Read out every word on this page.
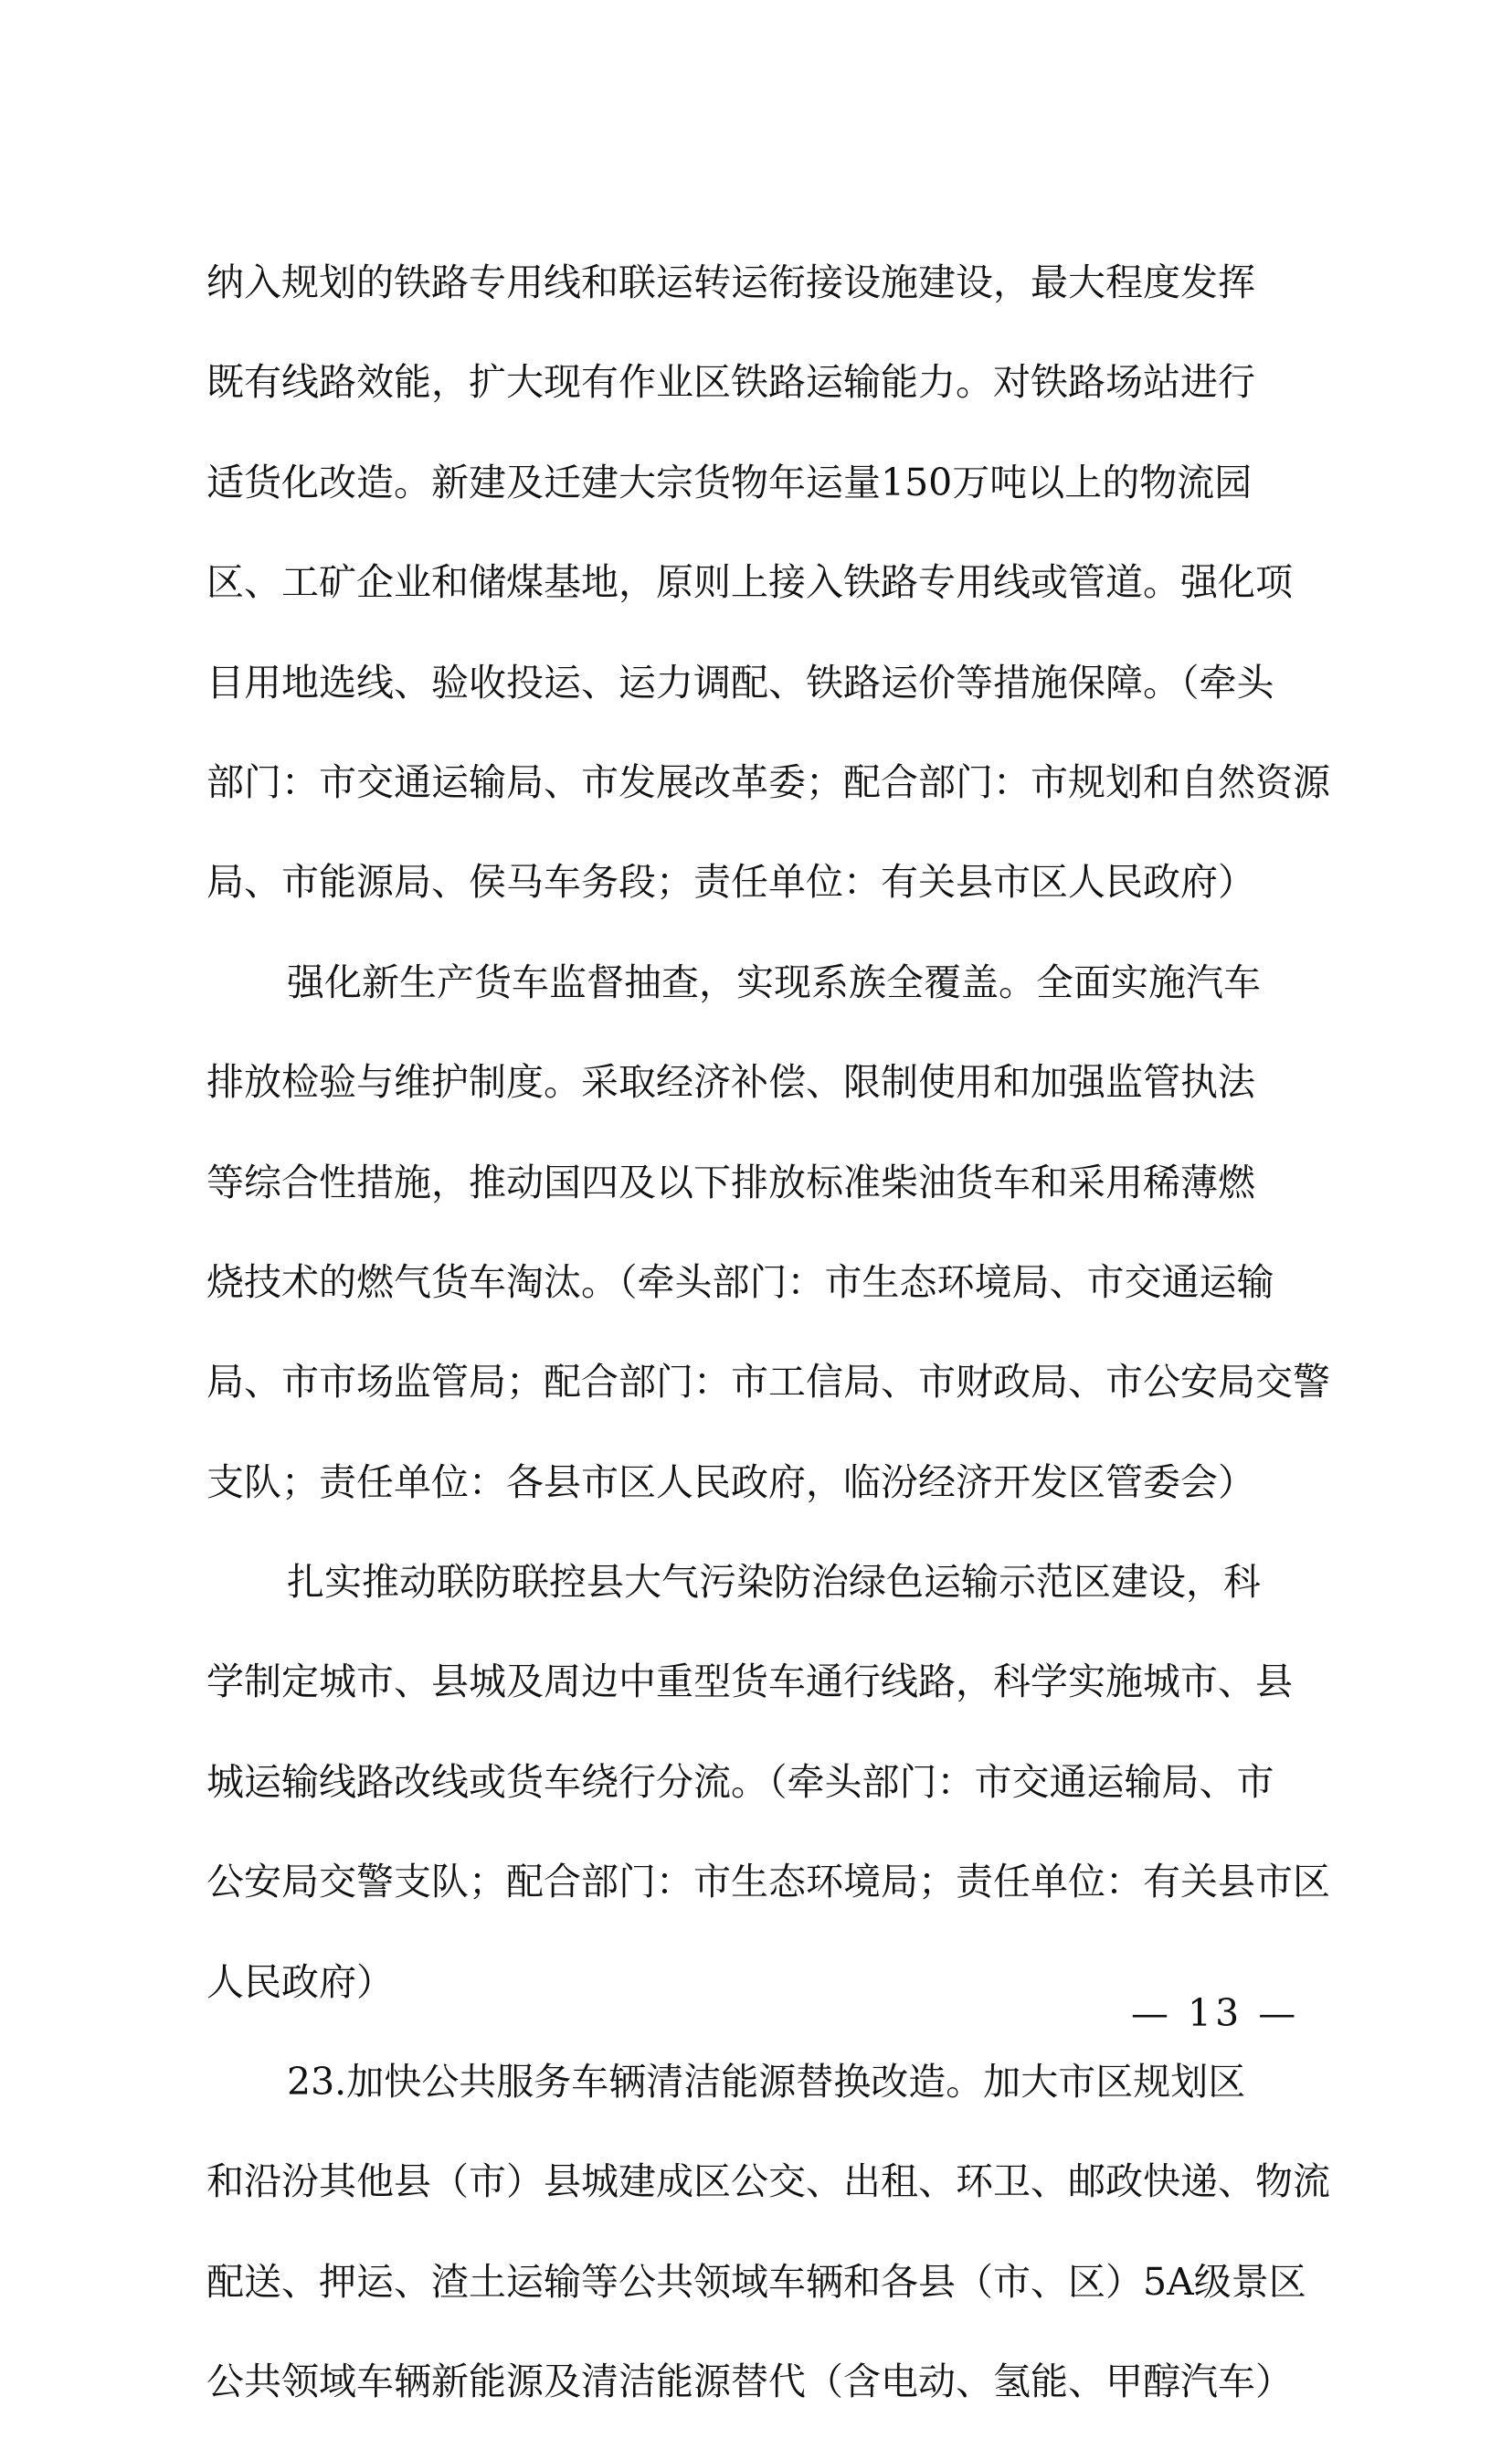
纳入规划的铁路专用线和联运转运衔接设施建设，最大程度发挥
既有线路效能，扩大现有作业区铁路运输能力。对铁路场站进行
适货化改造。新建及迁建大宗货物年运量150万吨以上的物流园
区、工矿企业和储煤基地，原则上接入铁路专用线或管道。强化项
目用地选线、验收投运、运力调配、铁路运价等措施保障。（牵头
部门：市交通运输局、市发展改革委；配合部门：市规划和自然资源
局、市能源局、侯马车务段；责任单位：有关县市区人民政府）
强化新生产货车监督抽查，实现系族全覆盖。全面实施汽车
排放检验与维护制度。采取经济补偿、限制使用和加强监管执法
等综合性措施，推动国四及以下排放标准柴油货车和采用稀薄燃
烧技术的燃气货车淘汰。（牵头部门：市生态环境局、市交通运输
局、市市场监管局；配合部门：市工信局、市财政局、市公安局交警
支队；责任单位：各县市区人民政府，临汾经济开发区管委会）
扎实推动联防联控县大气污染防治绿色运输示范区建设，科
学制定城市、县城及周边中重型货车通行线路，科学实施城市、县
城运输线路改线或货车绕行分流。（牵头部门：市交通运输局、市
公安局交警支队；配合部门：市生态环境局；责任单位：有关县市区
人民政府）
23.加快公共服务车辆清洁能源替换改造。加大市区规划区
和沿汾其他县（市）县城建成区公交、出租、环卫、邮政快递、物流
配送、押运、渣土运输等公共领域车辆和各县（市、区）5A级景区
公共领域车辆新能源及清洁能源替代（含电动、氢能、甲醇汽车）
— 13 —
